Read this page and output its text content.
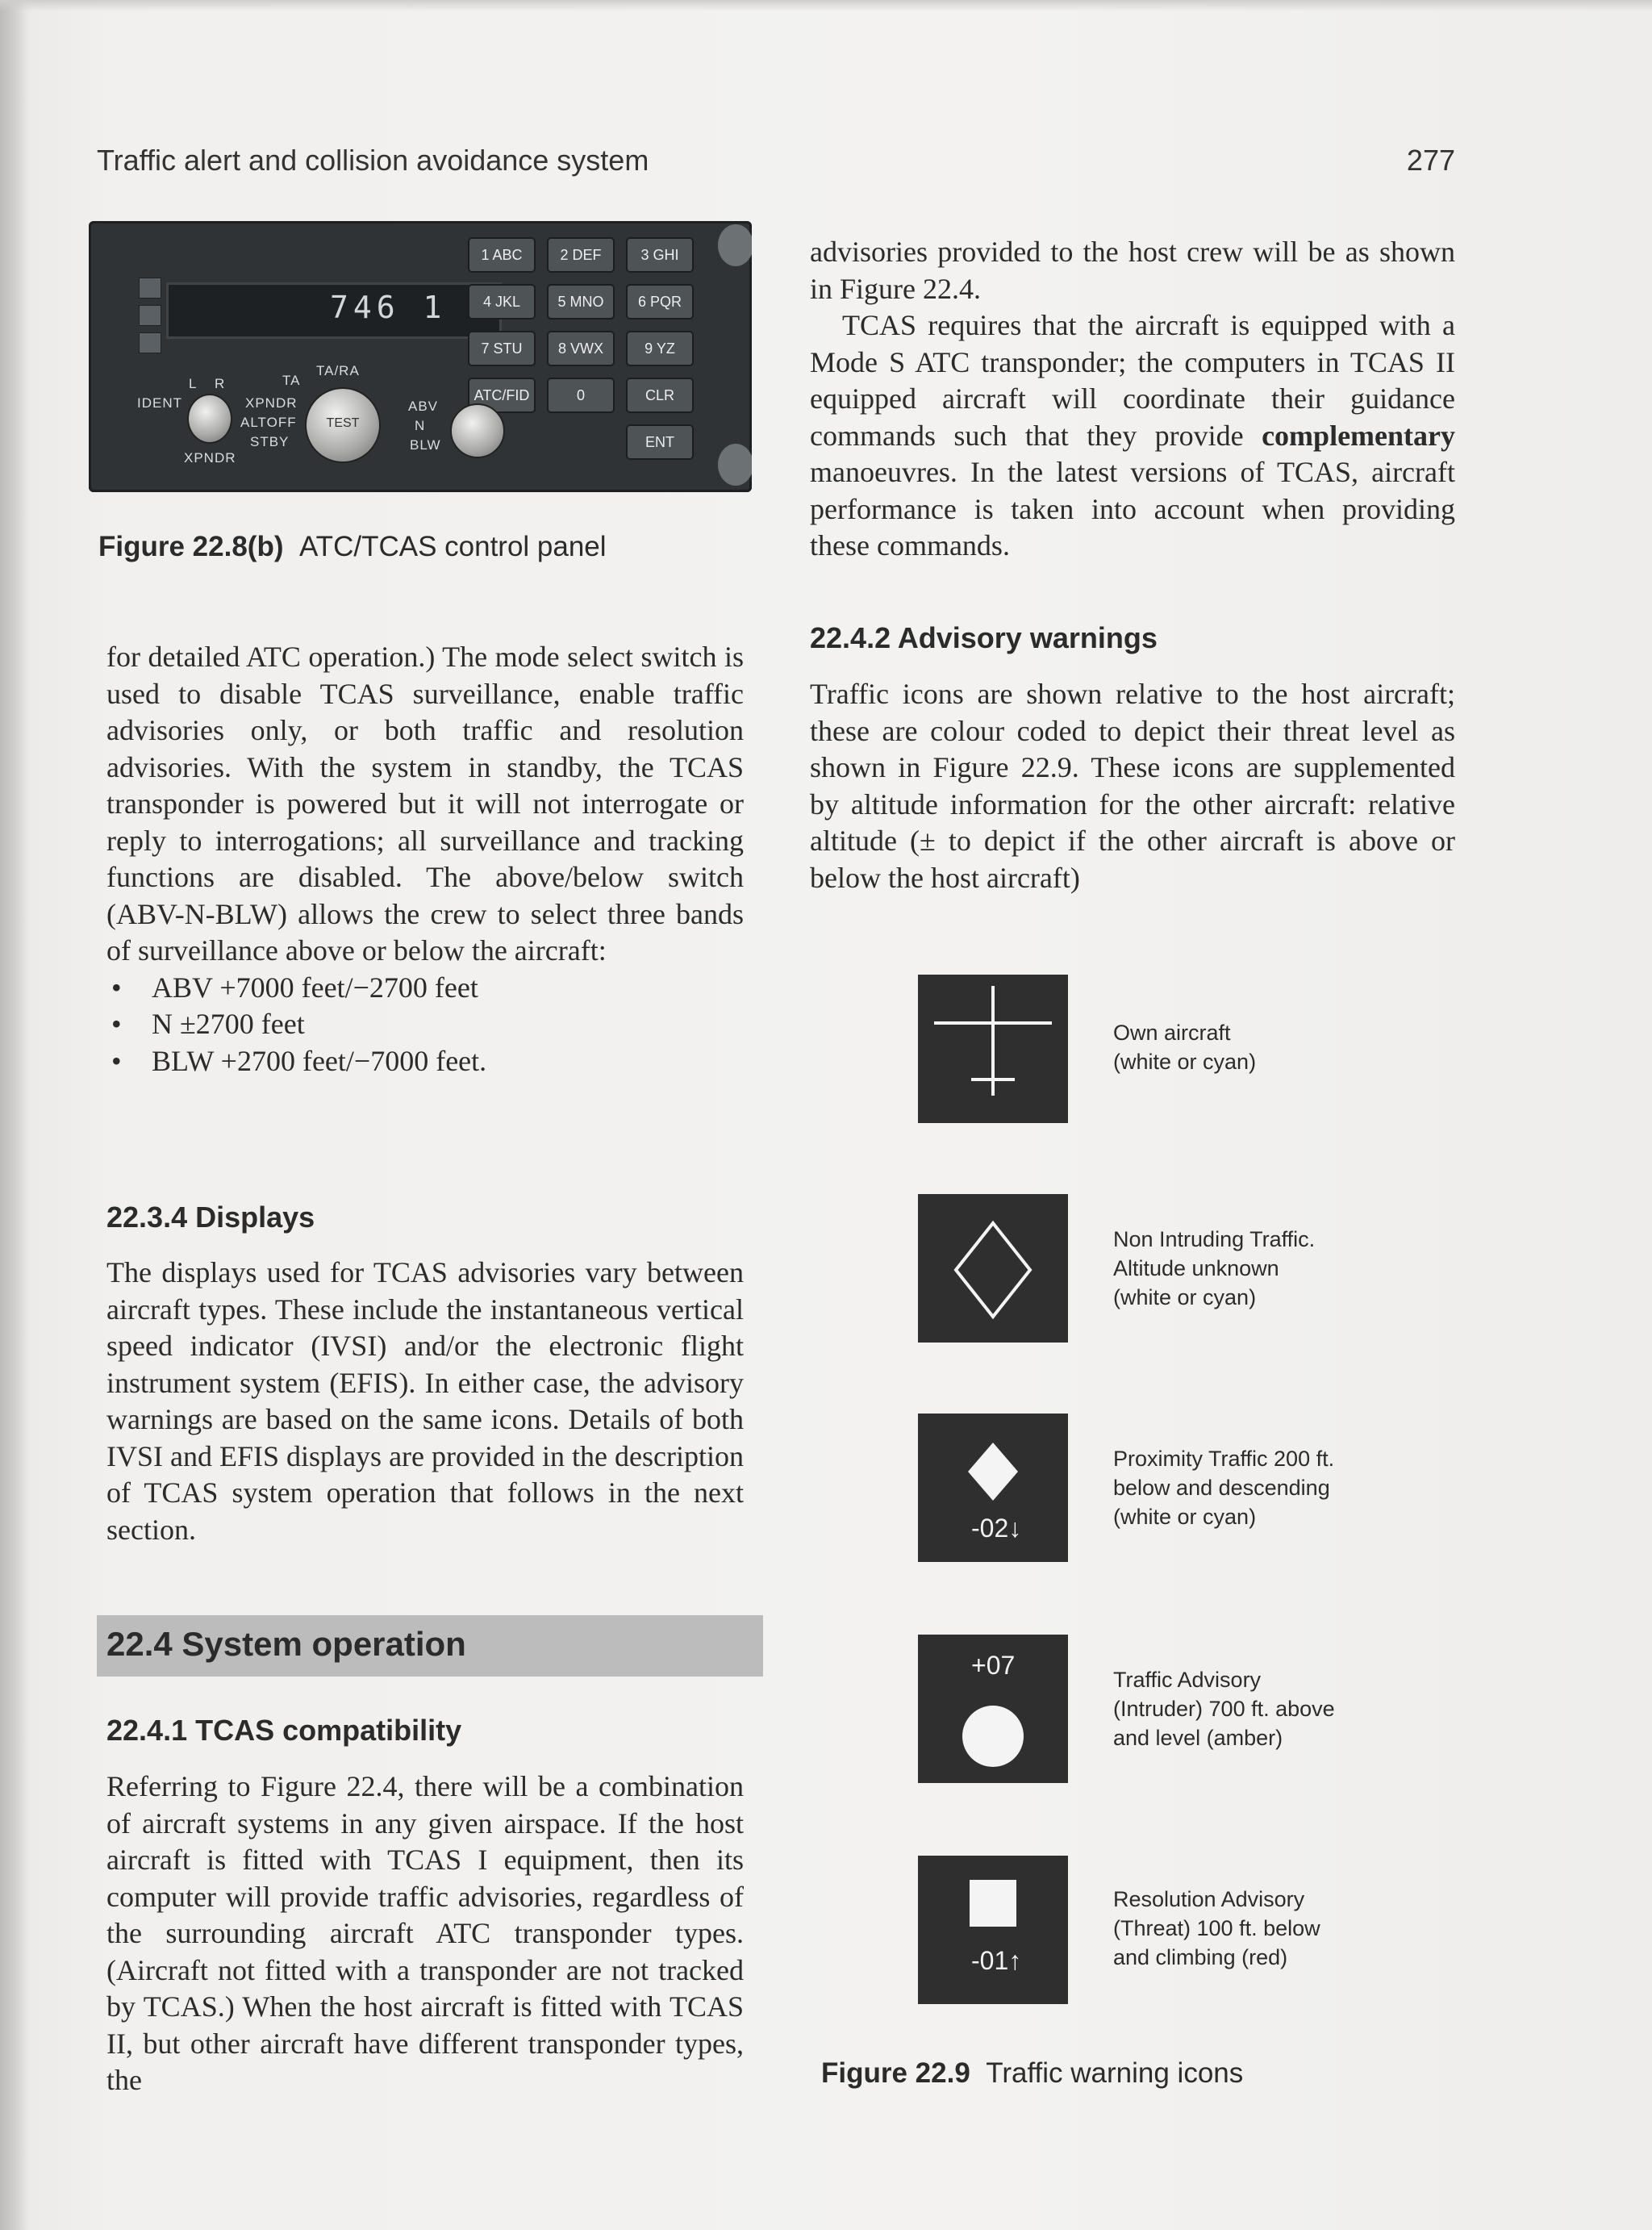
Traffic alert and collision avoidance system	277
746 1
1 ABC	2 DEF	3 GHI
4 JKL	5 MNO	6 PQR
7 STU	8 VWX	9 YZ
ATC/FID	0	CLR
ENT
IDENT
L R
XPNDR
TA
TA/RA
XPNDR
ALTOFF
STBY
TEST
ABV
N
BLW
Figure 22.8(b) ATC/TCAS control panel

for detailed ATC operation.) The mode select switch is used to disable TCAS surveillance, enable traffic advisories only, or both traffic and resolution advisories. With the system in standby, the TCAS transponder is powered but it will not interrogate or reply to interrogations; all surveillance and tracking functions are disabled. The above/below switch (ABV-N-BLW) allows the crew to select three bands of surveillance above or below the aircraft:

• ABV +7000 feet/−2700 feet
• N ±2700 feet
• BLW +2700 feet/−7000 feet.
22.3.4 Displays

The displays used for TCAS advisories vary between aircraft types. These include the instantaneous vertical speed indicator (IVSI) and/or the electronic flight instrument system (EFIS). In either case, the advisory warnings are based on the same icons. Details of both IVSI and EFIS displays are provided in the description of TCAS system operation that follows in the next section.

22.4 System operation
22.4.1 TCAS compatibility

Referring to Figure 22.4, there will be a combination of aircraft systems in any given airspace. If the host aircraft is fitted with TCAS I equipment, then its computer will provide traffic advisories, regardless of the surrounding aircraft ATC transponder types. (Aircraft not fitted with a transponder are not tracked by TCAS.) When the host aircraft is fitted with TCAS II, but other aircraft have different transponder types, the

advisories provided to the host crew will be as shown in Figure 22.4.

TCAS requires that the aircraft is equipped with a Mode S ATC transponder; the computers in TCAS II equipped aircraft will coordinate their guidance commands such that they provide complementary manoeuvres. In the latest versions of TCAS, aircraft performance is taken into account when providing these commands.

22.4.2 Advisory warnings

Traffic icons are shown relative to the host aircraft; these are colour coded to depict their threat level as shown in Figure 22.9. These icons are supplemented by altitude information for the other aircraft: relative altitude (± to depict if the other aircraft is above or below the host aircraft)

Own aircraft
(white or cyan)
Non Intruding Traffic.
Altitude unknown
(white or cyan)
-02↓
Proximity Traffic 200 ft.
below and descending
(white or cyan)
+07	Traffic Advisory
(Intruder) 700 ft. above
and level (amber)
-01↑
Resolution Advisory
(Threat) 100 ft. below
and climbing (red)
Figure 22.9 Traffic warning icons
